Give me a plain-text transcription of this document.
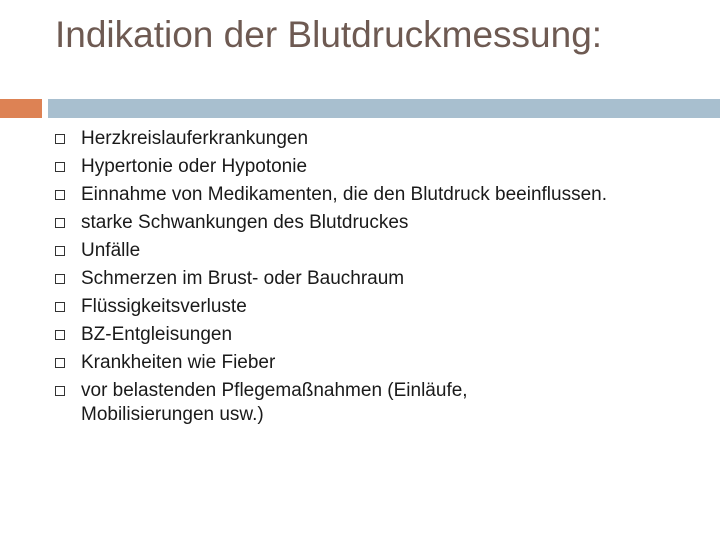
Indikation der Blutdruckmessung:
Herzkreislauferkrankungen
Hypertonie oder Hypotonie
Einnahme von Medikamenten, die den Blutdruck beeinflussen.
starke Schwankungen des Blutdruckes
Unfälle
Schmerzen im Brust- oder Bauchraum
Flüssigkeitsverluste
BZ-Entgleisungen
Krankheiten wie Fieber
vor belastenden Pflegemaßnahmen (Einläufe,
Mobilisierungen usw.)
